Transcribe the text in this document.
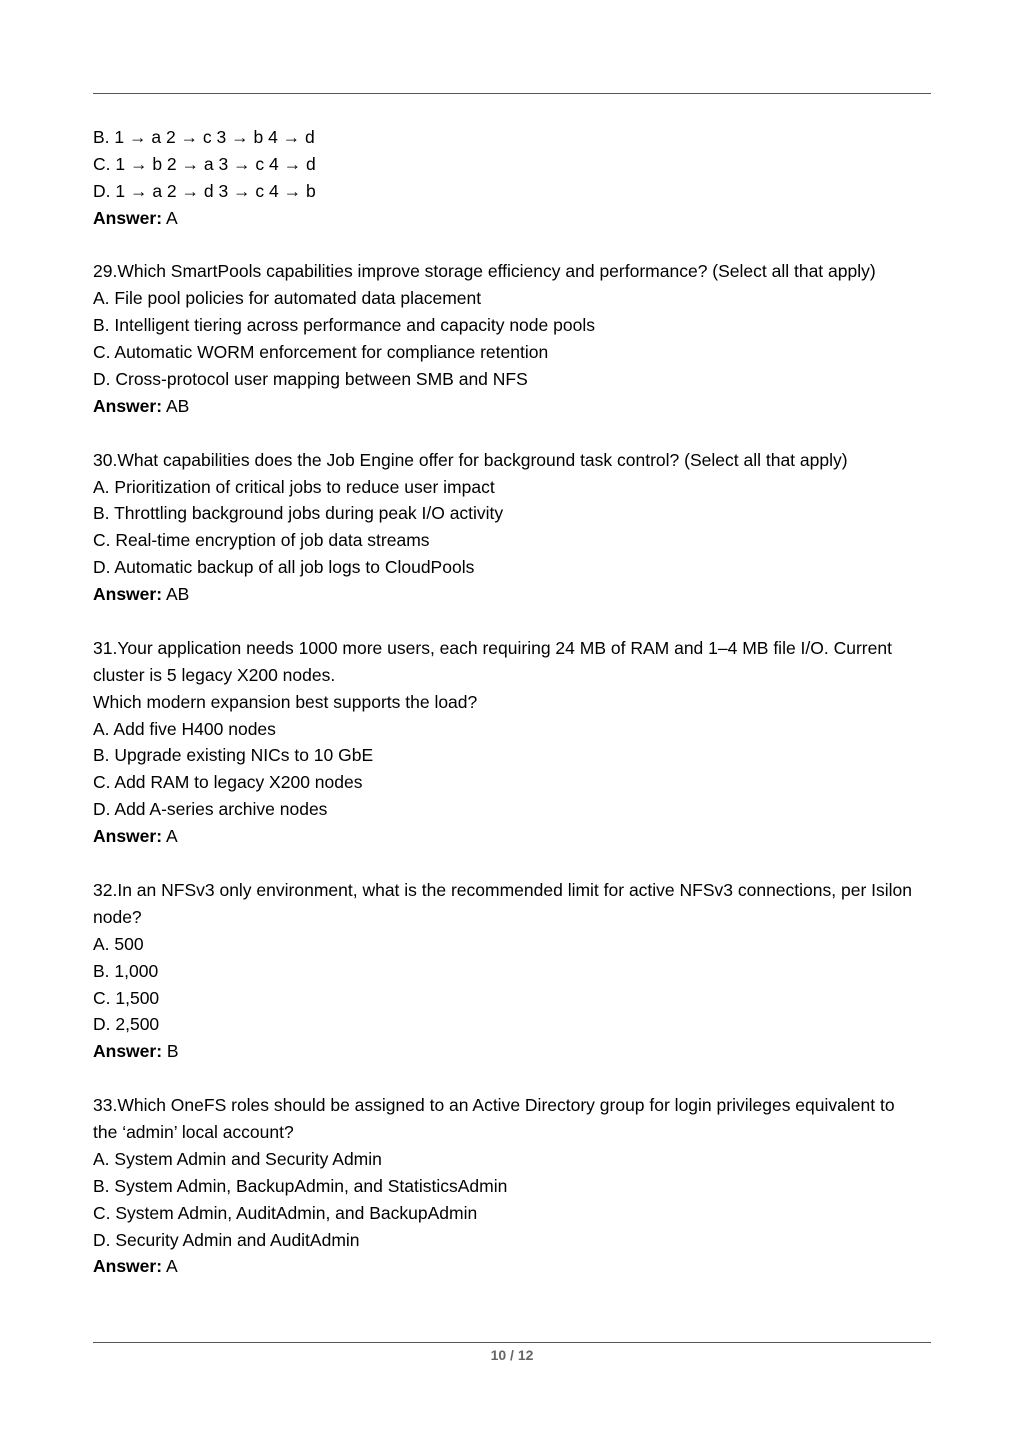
B. 1 → a 2 → c 3 → b 4 → d
C. 1 → b 2 → a 3 → c 4 → d
D. 1 → a 2 → d 3 → c 4 → b
Answer: A
29.Which SmartPools capabilities improve storage efficiency and performance? (Select all that apply)
A. File pool policies for automated data placement
B. Intelligent tiering across performance and capacity node pools
C. Automatic WORM enforcement for compliance retention
D. Cross-protocol user mapping between SMB and NFS
Answer: AB
30.What capabilities does the Job Engine offer for background task control? (Select all that apply)
A. Prioritization of critical jobs to reduce user impact
B. Throttling background jobs during peak I/O activity
C. Real-time encryption of job data streams
D. Automatic backup of all job logs to CloudPools
Answer: AB
31.Your application needs 1000 more users, each requiring 24 MB of RAM and 1–4 MB file I/O. Current
cluster is 5 legacy X200 nodes.
Which modern expansion best supports the load?
A. Add five H400 nodes
B. Upgrade existing NICs to 10 GbE
C. Add RAM to legacy X200 nodes
D. Add A-series archive nodes
Answer: A
32.In an NFSv3 only environment, what is the recommended limit for active NFSv3 connections, per Isilon
node?
A. 500
B. 1,000
C. 1,500
D. 2,500
Answer: B
33.Which OneFS roles should be assigned to an Active Directory group for login privileges equivalent to
the ‘admin’ local account?
A. System Admin and Security Admin
B. System Admin, BackupAdmin, and StatisticsAdmin
C. System Admin, AuditAdmin, and BackupAdmin
D. Security Admin and AuditAdmin
Answer: A
10 / 12
